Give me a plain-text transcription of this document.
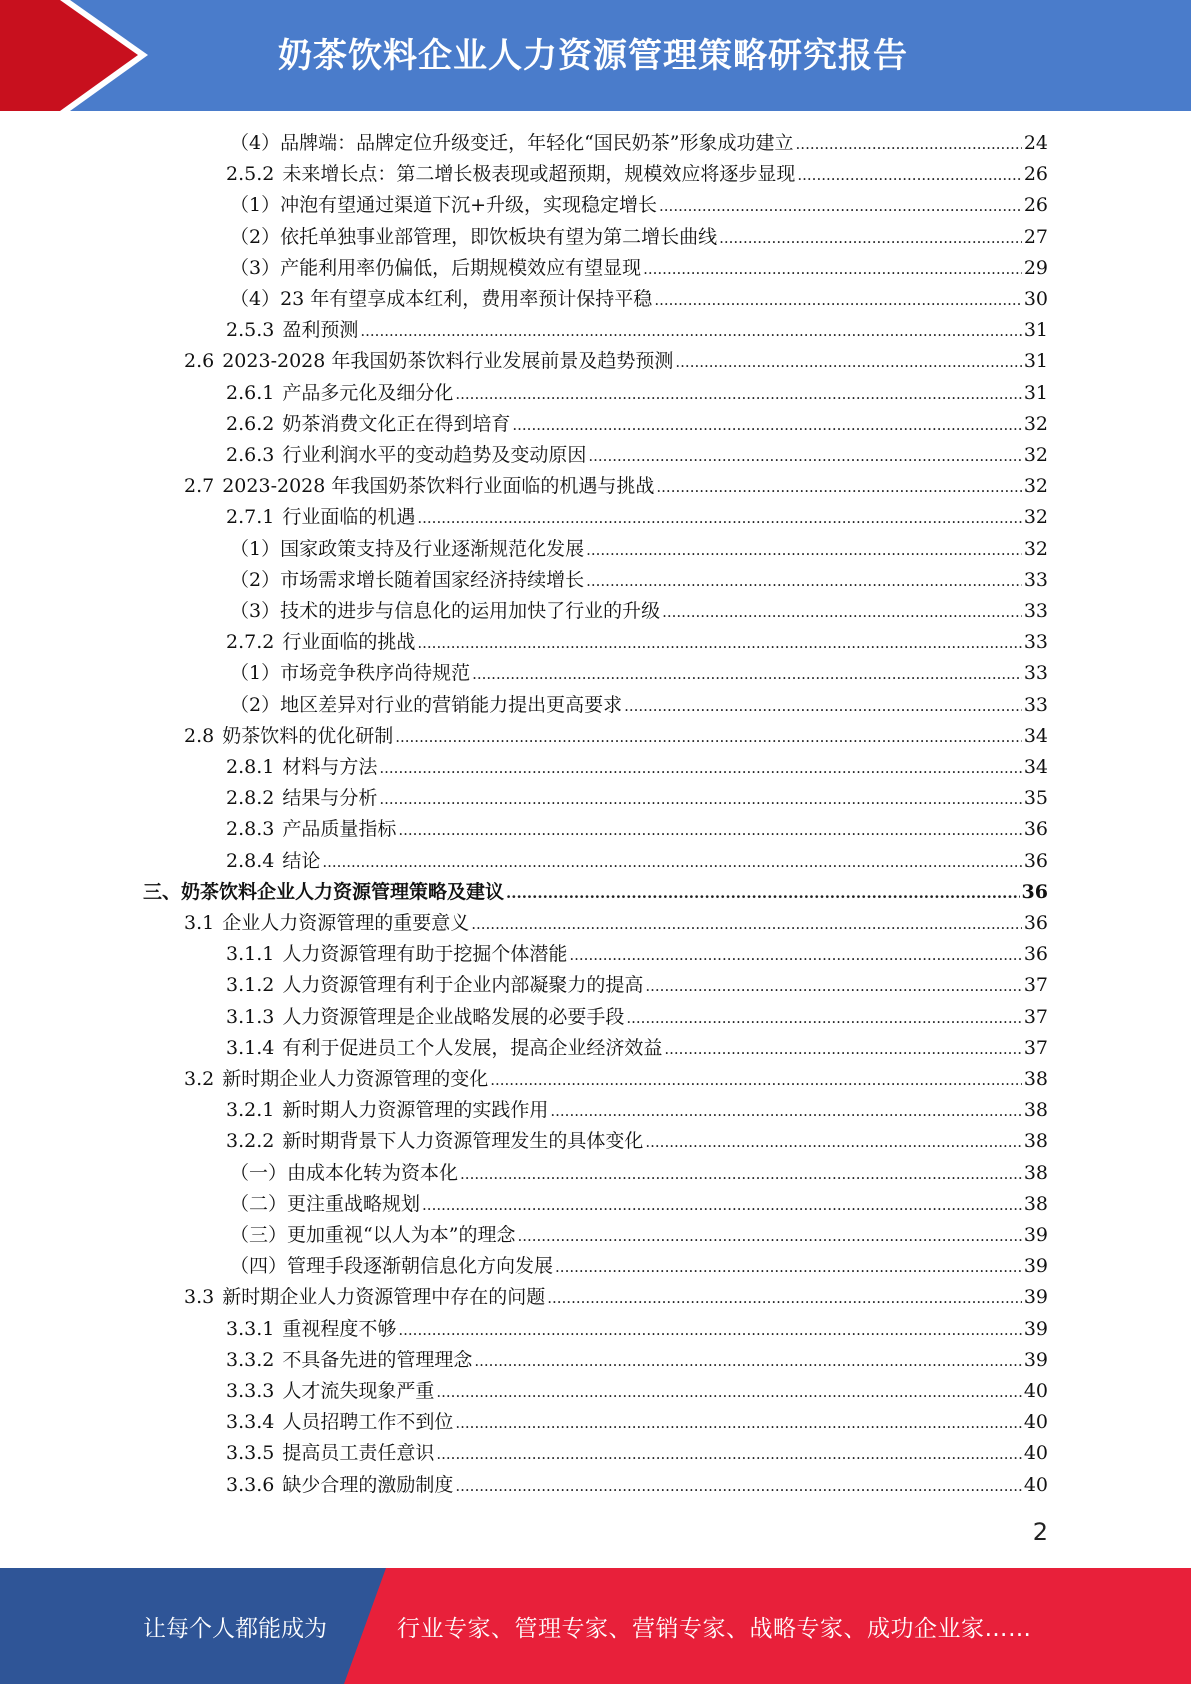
奶茶饮料企业人力资源管理策略研究报告
（4） 品牌端：品牌定位升级变迁，年轻化“国民奶茶”形象成功建立 .....	24
2.5.2 未来增长点：第二增长极表现或超预期，规模效应将逐步显现 .....	26
（1） 冲泡有望通过渠道下沉+升级，实现稳定增长 .....	26
（2） 依托单独事业部管理，即饮板块有望为第二增长曲线 .....	27
（3） 产能利用率仍偏低，后期规模效应有望显现 .....	29
（4） 23 年有望享成本红利，费用率预计保持平稳 .....	30
2.5.3 盈利预测 .....	31
2.6 2023-2028 年我国奶茶饮料行业发展前景及趋势预测 .....	31
2.6.1 产品多元化及细分化 .....	31
2.6.2 奶茶消费文化正在得到培育 .....	32
2.6.3 行业利润水平的变动趋势及变动原因 .....	32
2.7 2023-2028 年我国奶茶饮料行业面临的机遇与挑战 .....	32
2.7.1 行业面临的机遇 .....	32
（1） 国家政策支持及行业逐渐规范化发展 .....	32
（2） 市场需求增长随着国家经济持续增长 .....	33
（3） 技术的进步与信息化的运用加快了行业的升级 .....	33
2.7.2 行业面临的挑战 .....	33
（1） 市场竞争秩序尚待规范 .....	33
（2） 地区差异对行业的营销能力提出更高要求 .....	33
2.8 奶茶饮料的优化研制 .....	34
2.8.1 材料与方法 .....	34
2.8.2 结果与分析 .....	35
2.8.3 产品质量指标 .....	36
2.8.4 结论 .....	36
三、 奶茶饮料企业人力资源管理策略及建议 .....	36
3.1 企业人力资源管理的重要意义 .....	36
3.1.1 人力资源管理有助于挖掘个体潜能 .....	36
3.1.2 人力资源管理有利于企业内部凝聚力的提高 .....	37
3.1.3 人力资源管理是企业战略发展的必要手段 .....	37
3.1.4 有利于促进员工个人发展，提高企业经济效益 .....	37
3.2 新时期企业人力资源管理的变化 .....	38
3.2.1 新时期人力资源管理的实践作用 .....	38
3.2.2 新时期背景下人力资源管理发生的具体变化 .....	38
（一） 由成本化转为资本化 .....	38
（二） 更注重战略规划 .....	38
（三） 更加重视“以人为本”的理念 .....	39
（四） 管理手段逐渐朝信息化方向发展 .....	39
3.3 新时期企业人力资源管理中存在的问题 .....	39
3.3.1 重视程度不够 .....	39
3.3.2 不具备先进的管理理念 .....	39
3.3.3 人才流失现象严重 .....	40
3.3.4 人员招聘工作不到位 .....	40
3.3.5 提高员工责任意识 .....	40
3.3.6 缺少合理的激励制度 .....	40
2
让每个人都能成为	行业专家、管理专家、营销专家、战略专家、成功企业家……
